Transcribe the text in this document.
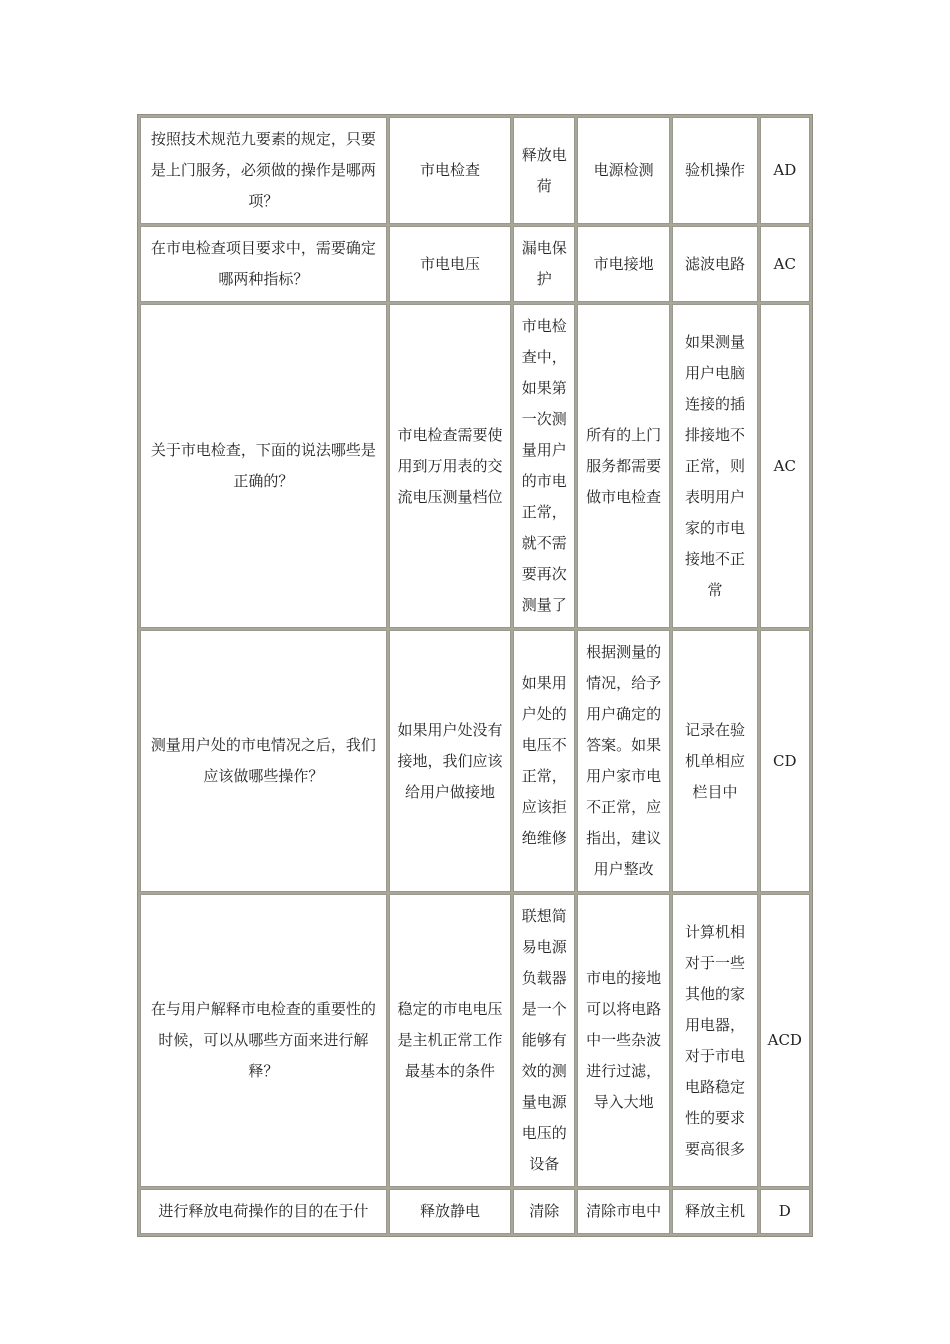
按照技术规范九要素的规定，只要是上门服务，必须做的操作是哪两项？	市电检查	释放电荷	电源检测	验机操作	AD
在市电检查项目要求中，需要确定哪两种指标？	市电电压	漏电保护	市电接地	滤波电路	AC
关于市电检查，下面的说法哪些是正确的？	市电检查需要使用到万用表的交流电压测量档位	市电检查中，如果第一次测量用户的市电正常，就不需要再次测量了	所有的上门服务都需要做市电检查	如果测量用户电脑连接的插排接地不正常，则表明用户家的市电接地不正常	AC
测量用户处的市电情况之后，我们应该做哪些操作？	如果用户处没有接地，我们应该给用户做接地	如果用户处的电压不正常，应该拒绝维修	根据测量的情况，给予用户确定的答案。如果用户家市电不正常，应指出，建议用户整改	记录在验机单相应栏目中	CD
在与用户解释市电检查的重要性的时候，可以从哪些方面来进行解释？	稳定的市电电压是主机正常工作最基本的条件	联想简易电源负载器是一个能够有效的测量电源电压的设备	市电的接地可以将电路中一些杂波进行过滤，导入大地	计算机相对于一些其他的家用电器，对于市电电路稳定性的要求要高很多	ACD
进行释放电荷操作的目的在于什	释放静电	清除	清除市电中	释放主机	D
